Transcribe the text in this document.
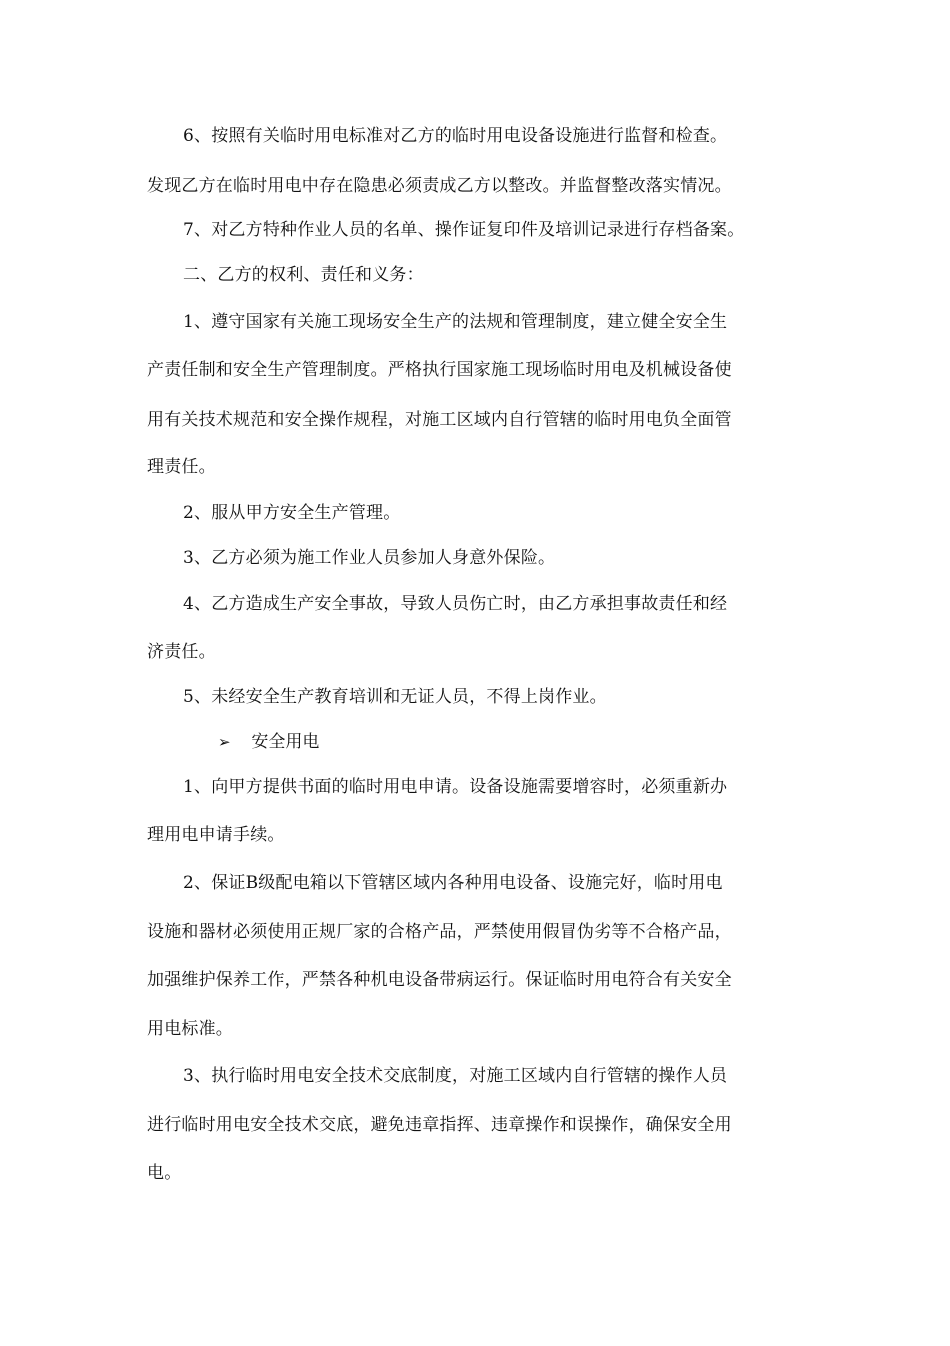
6、按照有关临时用电标准对乙方的临时用电设备设施进行监督和检查。
发现乙方在临时用电中存在隐患必须责成乙方以整改。并监督整改落实情况。
7、对乙方特种作业人员的名单、操作证复印件及培训记录进行存档备案。
二、乙方的权利、责任和义务：
1、遵守国家有关施工现场安全生产的法规和管理制度，建立健全安全生
产责任制和安全生产管理制度。严格执行国家施工现场临时用电及机械设备使
用有关技术规范和安全操作规程，对施工区域内自行管辖的临时用电负全面管
理责任。
2、服从甲方安全生产管理。
3、乙方必须为施工作业人员参加人身意外保险。
4、乙方造成生产安全事故，导致人员伤亡时，由乙方承担事故责任和经
济责任。
5、未经安全生产教育培训和无证人员，不得上岗作业。
➢ 安全用电
1、向甲方提供书面的临时用电申请。设备设施需要增容时，必须重新办
理用电申请手续。
2、保证B级配电箱以下管辖区域内各种用电设备、设施完好，临时用电
设施和器材必须使用正规厂家的合格产品，严禁使用假冒伪劣等不合格产品，
加强维护保养工作，严禁各种机电设备带病运行。保证临时用电符合有关安全
用电标准。
3、执行临时用电安全技术交底制度，对施工区域内自行管辖的操作人员
进行临时用电安全技术交底，避免违章指挥、违章操作和误操作，确保安全用
电。
